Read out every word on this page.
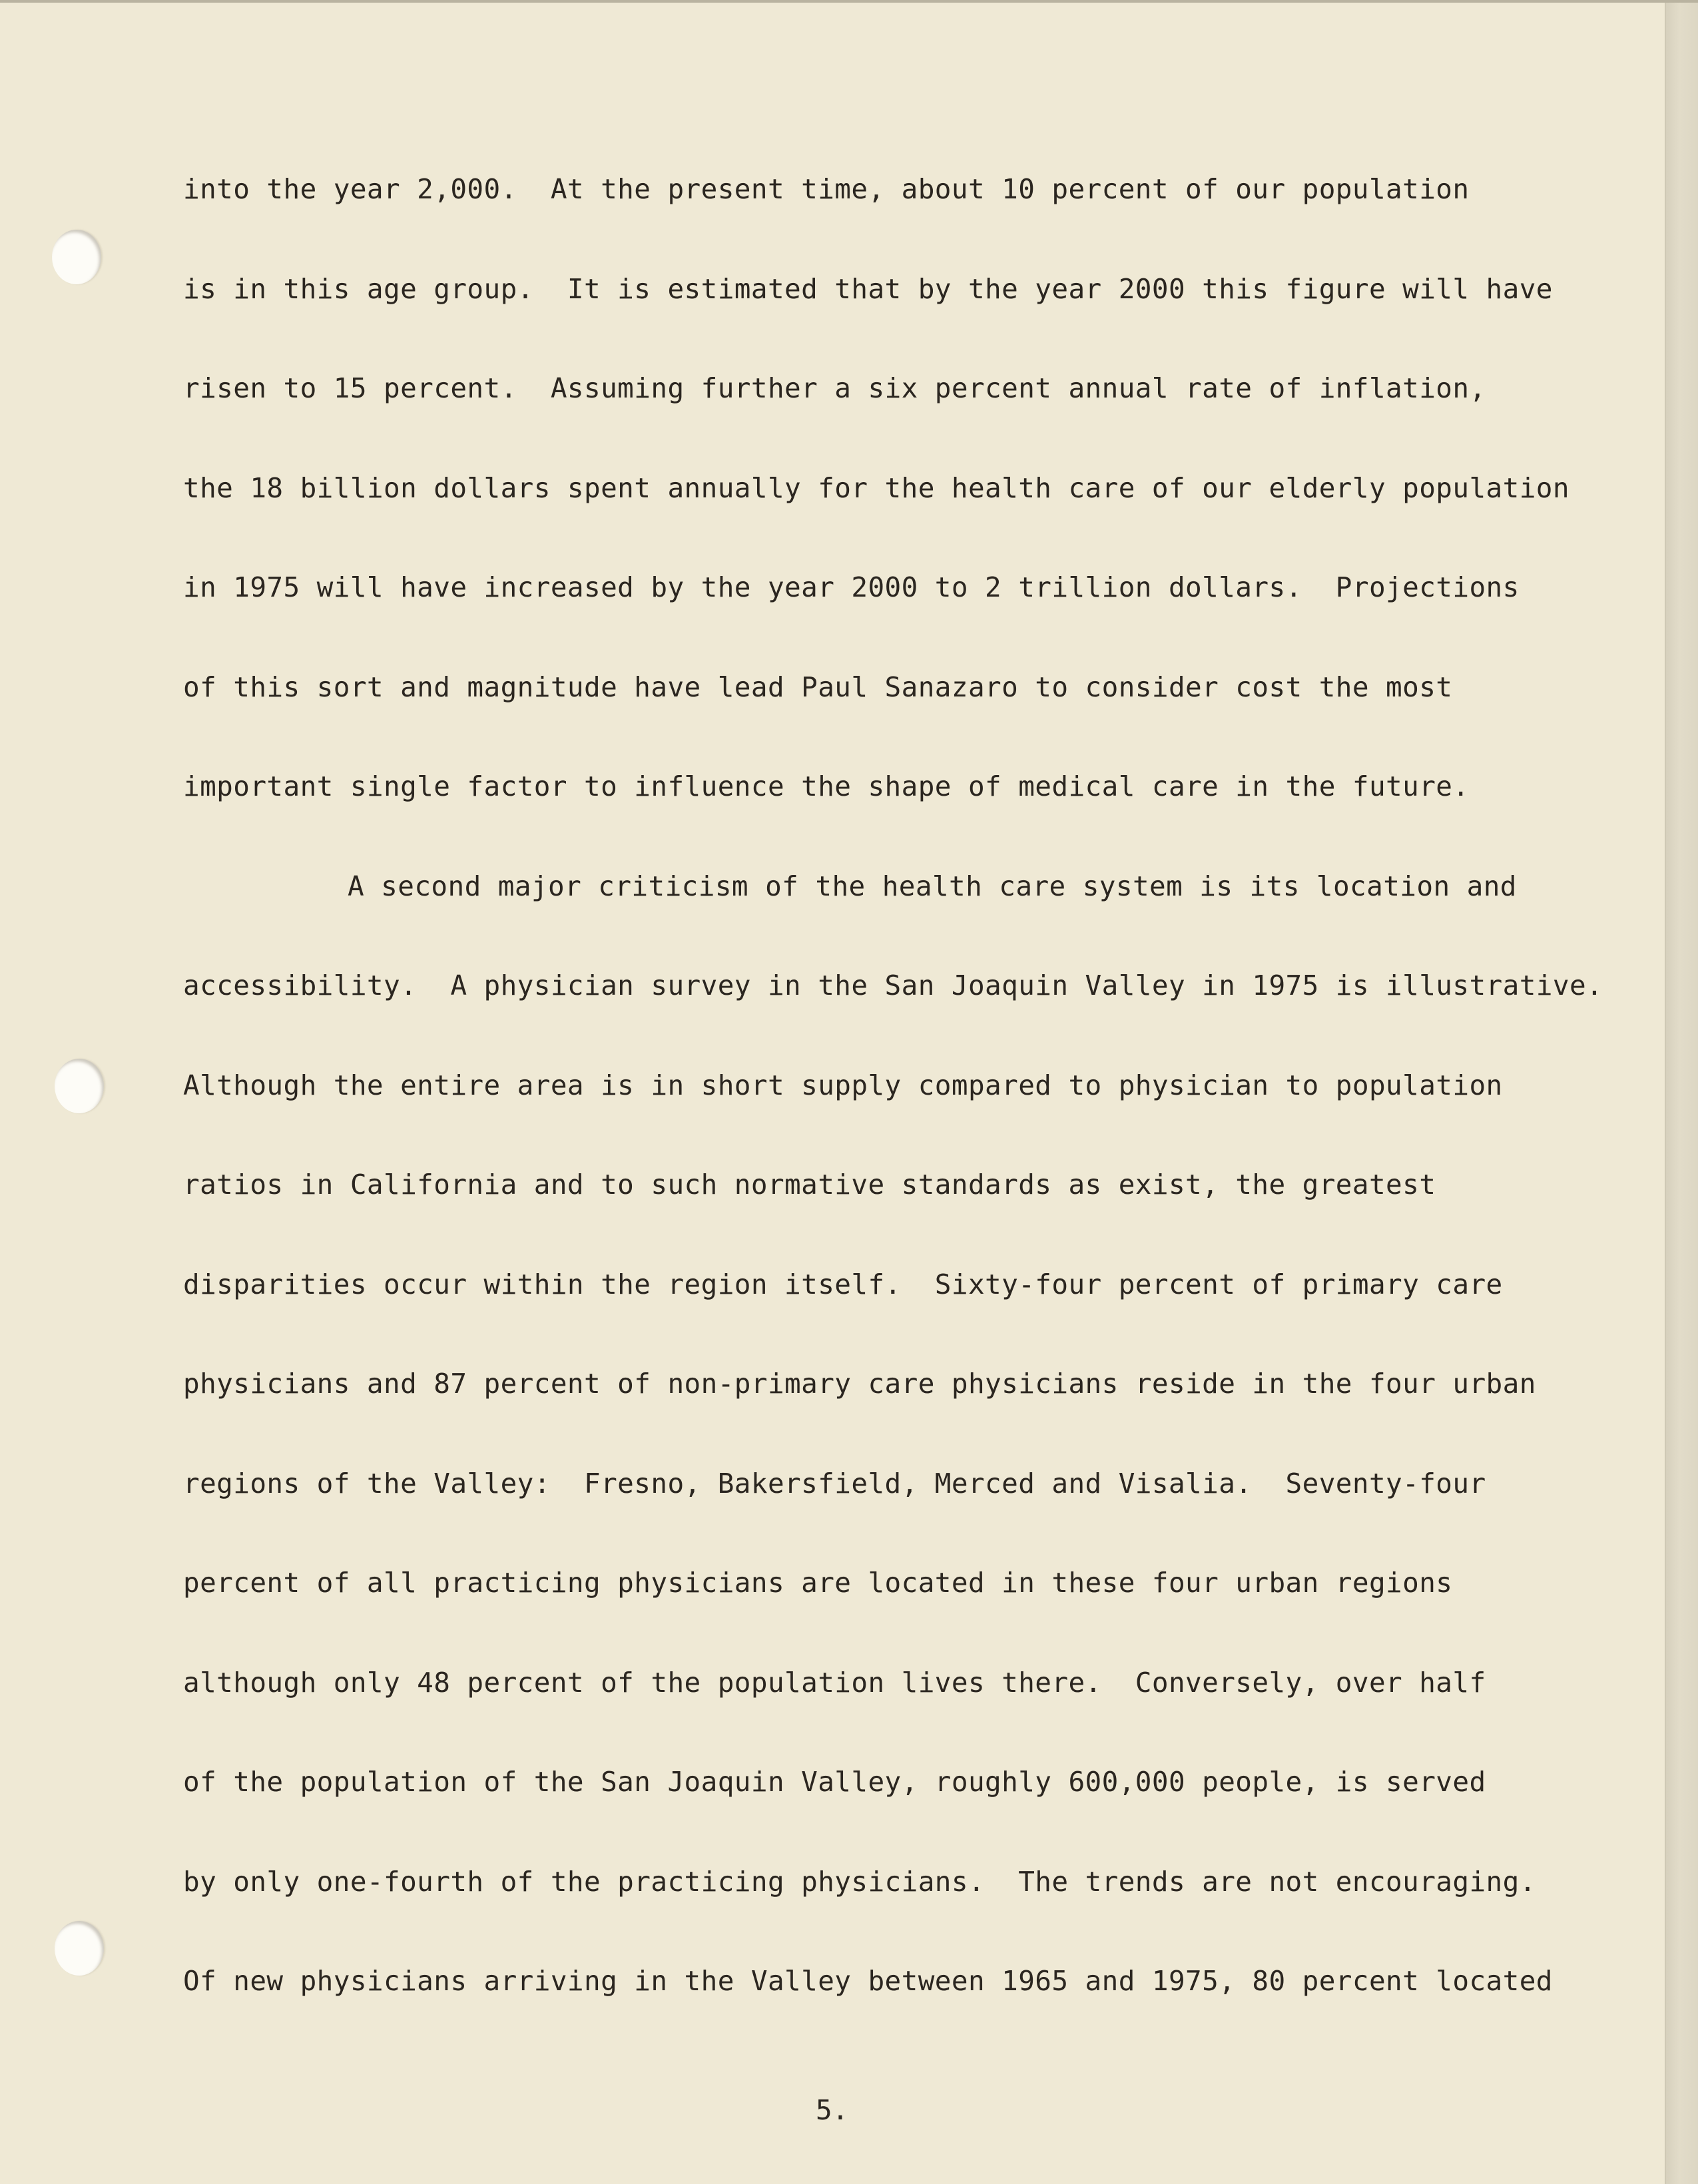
into the year 2,000.  At the present time, about 10 percent of our population
is in this age group.  It is estimated that by the year 2000 this figure will have
risen to 15 percent.  Assuming further a six percent annual rate of inflation,
the 18 billion dollars spent annually for the health care of our elderly population
in 1975 will have increased by the year 2000 to 2 trillion dollars.  Projections
of this sort and magnitude have lead Paul Sanazaro to consider cost the most
important single factor to influence the shape of medical care in the future.
A second major criticism of the health care system is its location and
accessibility.  A physician survey in the San Joaquin Valley in 1975 is illustrative.
Although the entire area is in short supply compared to physician to population
ratios in California and to such normative standards as exist, the greatest
disparities occur within the region itself.  Sixty-four percent of primary care
physicians and 87 percent of non-primary care physicians reside in the four urban
regions of the Valley:  Fresno, Bakersfield, Merced and Visalia.  Seventy-four
percent of all practicing physicians are located in these four urban regions
although only 48 percent of the population lives there.  Conversely, over half
of the population of the San Joaquin Valley, roughly 600,000 people, is served
by only one-fourth of the practicing physicians.  The trends are not encouraging.
Of new physicians arriving in the Valley between 1965 and 1975, 80 percent located
5.
